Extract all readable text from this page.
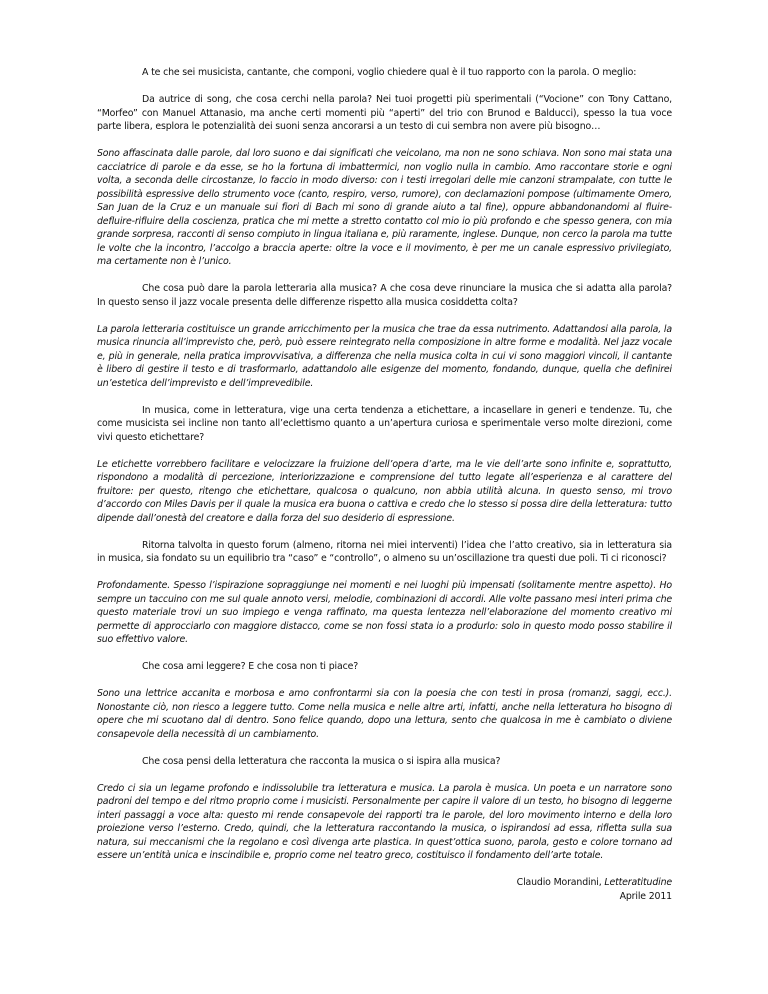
A te che sei musicista, cantante, che componi, voglio chiedere qual è il tuo rapporto con la parola. O meglio:

Da autrice di song, che cosa cerchi nella parola? Nei tuoi progetti più sperimentali (“Vocione” con Tony Cattano, “Morfeo” con Manuel Attanasio, ma anche certi momenti più “aperti” del trio con Brunod e Balducci), spesso la tua voce parte libera, esplora le potenzialità dei suoni senza ancorarsi a un testo di cui sembra non avere più bisogno…

Sono affascinata dalle parole, dal loro suono e dai significati che veicolano, ma non ne sono schiava. Non sono mai stata una cacciatrice di parole e da esse, se ho la fortuna di imbattermici, non voglio nulla in cambio. Amo raccontare storie e ogni volta, a seconda delle circostanze, lo faccio in modo diverso: con i testi irregolari delle mie canzoni strampalate, con tutte le possibilità espressive dello strumento voce (canto, respiro, verso, rumore), con declamazioni pompose (ultimamente Omero, San Juan de la Cruz e un manuale sui fiori di Bach mi sono di grande aiuto a tal fine), oppure abbandonandomi al fluire-defluire-rifluire della coscienza, pratica che mi mette a stretto contatto col mio io più profondo e che spesso genera, con mia grande sorpresa, racconti di senso compiuto in lingua italiana e, più raramente, inglese. Dunque, non cerco la parola ma tutte le volte che la incontro, l’accolgo a braccia aperte: oltre la voce e il movimento, è per me un canale espressivo privilegiato, ma certamente non è l’unico.

Che cosa può dare la parola letteraria alla musica? A che cosa deve rinunciare la musica che si adatta alla parola? In questo senso il jazz vocale presenta delle differenze rispetto alla musica cosiddetta colta?

La parola letteraria costituisce un grande arricchimento per la musica che trae da essa nutrimento. Adattandosi alla parola, la musica rinuncia all’imprevisto che, però, può essere reintegrato nella composizione in altre forme e modalità. Nel jazz vocale e, più in generale, nella pratica improvvisativa, a differenza che nella musica colta in cui vi sono maggiori vincoli, il cantante è libero di gestire il testo e di trasformarlo, adattandolo alle esigenze del momento, fondando, dunque, quella che definirei un’estetica dell’imprevisto e dell’imprevedibile.

In musica, come in letteratura, vige una certa tendenza a etichettare, a incasellare in generi e tendenze. Tu, che come musicista sei incline non tanto all’eclettismo quanto a un’apertura curiosa e sperimentale verso molte direzioni, come vivi questo etichettare?

Le etichette vorrebbero facilitare e velocizzare la fruizione dell’opera d’arte, ma le vie dell’arte sono infinite e, soprattutto, rispondono a modalità di percezione, interiorizzazione e comprensione del tutto legate all’esperienza e al carattere del fruitore: per questo, ritengo che etichettare, qualcosa o qualcuno, non abbia utilità alcuna. In questo senso, mi trovo d’accordo con Miles Davis per il quale la musica era buona o cattiva e credo che lo stesso si possa dire della letteratura: tutto dipende dall’onestà del creatore e dalla forza del suo desiderio di espressione.

Ritorna talvolta in questo forum (almeno, ritorna nei miei interventi) l’idea che l’atto creativo, sia in letteratura sia in musica, sia fondato su un equilibrio tra “caso” e “controllo”, o almeno su un’oscillazione tra questi due poli. Ti ci riconosci?

Profondamente. Spesso l’ispirazione sopraggiunge nei momenti e nei luoghi più impensati (solitamente mentre aspetto). Ho sempre un taccuino con me sul quale annoto versi, melodie, combinazioni di accordi. Alle volte passano mesi interi prima che questo materiale trovi un suo impiego e venga raffinato, ma questa lentezza nell’elaborazione del momento creativo mi permette di approcciarlo con maggiore distacco, come se non fossi stata io a produrlo: solo in questo modo posso stabilire il suo effettivo valore.

Che cosa ami leggere? E che cosa non ti piace?

Sono una lettrice accanita e morbosa e amo confrontarmi sia con la poesia che con testi in prosa (romanzi, saggi, ecc.). Nonostante ciò, non riesco a leggere tutto. Come nella musica e nelle altre arti, infatti, anche nella letteratura ho bisogno di opere che mi scuotano dal di dentro. Sono felice quando, dopo una lettura, sento che qualcosa in me è cambiato o diviene consapevole della necessità di un cambiamento.

Che cosa pensi della letteratura che racconta la musica o si ispira alla musica?

Credo ci sia un legame profondo e indissolubile tra letteratura e musica. La parola è musica. Un poeta e un narratore sono padroni del tempo e del ritmo proprio come i musicisti. Personalmente per capire il valore di un testo, ho bisogno di leggerne interi passaggi a voce alta: questo mi rende consapevole dei rapporti tra le parole, del loro movimento interno e della loro proiezione verso l’esterno. Credo, quindi, che la letteratura raccontando la musica, o ispirandosi ad essa, rifletta sulla sua natura, sui meccanismi che la regolano e così divenga arte plastica. In quest’ottica suono, parola, gesto e colore tornano ad essere un’entità unica e inscindibile e, proprio come nel teatro greco, costituisco il fondamento dell’arte totale.

Claudio Morandini, Letteratitudine
Aprile 2011
